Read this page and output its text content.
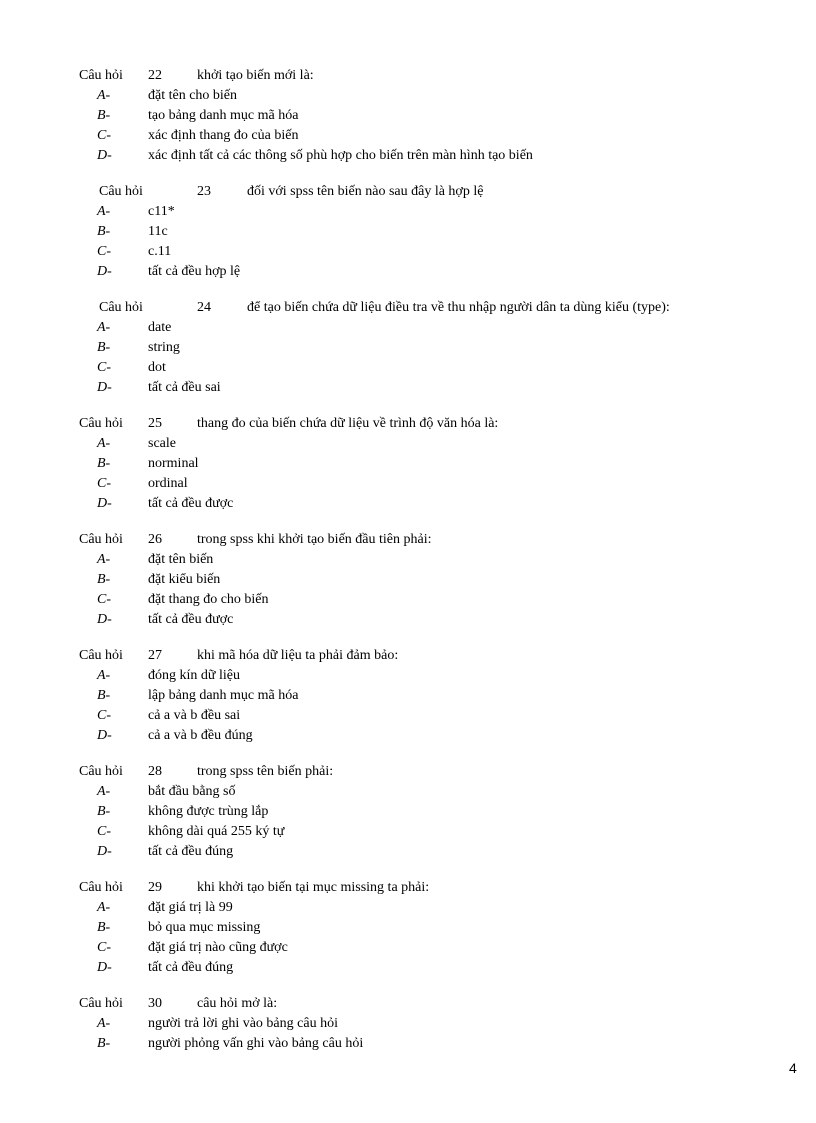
Câu hỏi 22	khởi tạo biến mới là:
A-	đặt tên cho biến
B-	tạo bảng danh mục mã hóa
C-	xác định thang đo của biến
D-	xác định tất cả các thông số phù hợp cho biến trên màn hình tạo biến
Câu hỏi	23	đối với spss tên biến nào sau đây là hợp lệ
A-	c11*
B-	11c
C-	c.11
D-	tất cả đều hợp lệ
Câu hỏi	24	để tạo biến chứa dữ liệu điều tra về thu nhập người dân ta dùng kiểu (type):
A-	date
B-	string
C-	dot
D-	tất cả đều sai
Câu hỏi 25	thang đo của biến chứa dữ liệu về trình độ văn hóa là:
A-	scale
B-	norminal
C-	ordinal
D-	tất cả đều được
Câu hỏi 26	trong spss khi khởi tạo biến đầu tiên phải:
A-	đặt tên biến
B-	đặt kiểu biến
C-	đặt thang đo cho biến
D-	tất cả đều được
Câu hỏi 27	khi mã hóa dữ liệu ta phải đảm bảo:
A-	đóng kín dữ liệu
B-	lập bảng danh mục mã hóa
C-	cả a và b đều sai
D-	cả a và b đều đúng
Câu hỏi 28	trong spss tên biến phải:
A-	bắt đầu bằng số
B-	không được trùng lắp
C-	không dài quá 255 ký tự
D-	tất cả đều đúng
Câu hỏi 29	khi khởi tạo biến tại mục missing ta phải:
A-	đặt giá trị là 99
B-	bỏ qua mục missing
C-	đặt giá trị nào cũng được
D-	tất cả đều đúng
Câu hỏi 30	câu hỏi mở là:
A-	người trả lời ghi vào bảng câu hỏi
B-	người phỏng vấn ghi vào bảng câu hỏi
4
